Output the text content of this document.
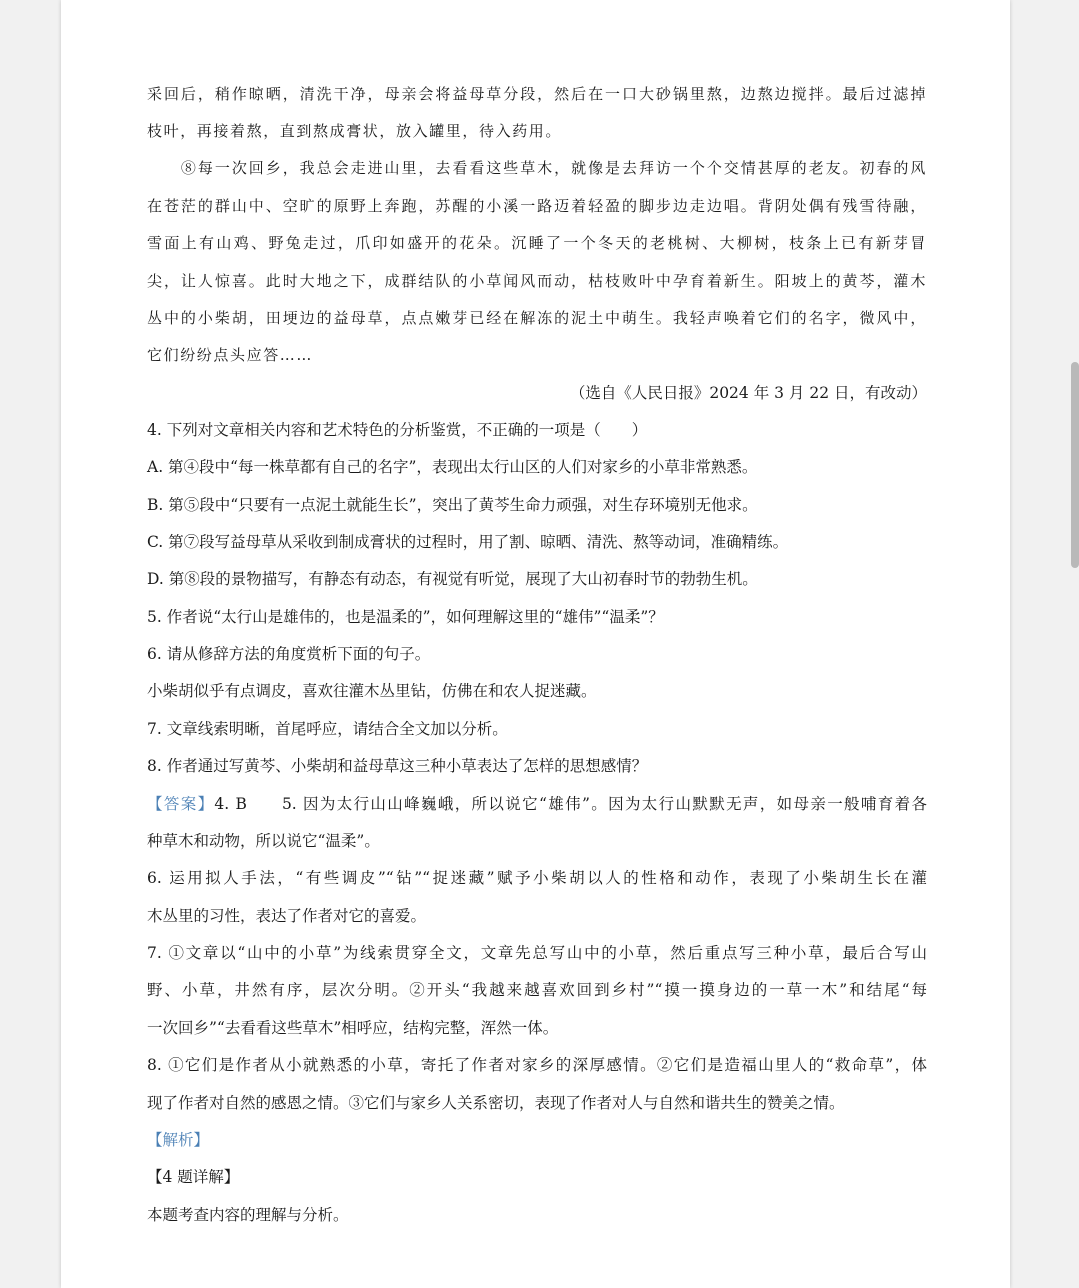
采回后，稍作晾晒，清洗干净，母亲会将益母草分段，然后在一口大砂锅里熬，边熬边搅拌。最后过滤掉
枝叶，再接着熬，直到熬成膏状，放入罐里，待入药用。
　　⑧每一次回乡，我总会走进山里，去看看这些草木，就像是去拜访一个个交情甚厚的老友。初春的风
在苍茫的群山中、空旷的原野上奔跑，苏醒的小溪一路迈着轻盈的脚步边走边唱。背阴处偶有残雪待融，
雪面上有山鸡、野兔走过，爪印如盛开的花朵。沉睡了一个冬天的老桃树、大柳树，枝条上已有新芽冒
尖，让人惊喜。此时大地之下，成群结队的小草闻风而动，枯枝败叶中孕育着新生。阳坡上的黄芩，灌木
丛中的小柴胡，田埂边的益母草，点点嫩芽已经在解冻的泥土中萌生。我轻声唤着它们的名字，微风中，
它们纷纷点头应答……
（选自《人民日报》2024 年 3 月 22 日，有改动）
4. 下列对文章相关内容和艺术特色的分析鉴赏，不正确的一项是（　　）
A. 第④段中“每一株草都有自己的名字”，表现出太行山区的人们对家乡的小草非常熟悉。
B. 第⑤段中“只要有一点泥土就能生长”，突出了黄芩生命力顽强，对生存环境别无他求。
C. 第⑦段写益母草从采收到制成膏状的过程时，用了割、晾晒、清洗、熬等动词，准确精练。
D. 第⑧段的景物描写，有静态有动态，有视觉有听觉，展现了大山初春时节的勃勃生机。
5. 作者说“太行山是雄伟的，也是温柔的”，如何理解这里的“雄伟”“温柔”？
6. 请从修辞方法的角度赏析下面的句子。
小柴胡似乎有点调皮，喜欢往灌木丛里钻，仿佛在和农人捉迷藏。
7. 文章线索明晰，首尾呼应，请结合全文加以分析。
8. 作者通过写黄芩、小柴胡和益母草这三种小草表达了怎样的思想感情？
【答案】4. B　　5. 因为太行山山峰巍峨，所以说它“雄伟”。因为太行山默默无声，如母亲一般哺育着各
种草木和动物，所以说它“温柔”。
6. 运用拟人手法，“有些调皮”“钻”“捉迷藏”赋予小柴胡以人的性格和动作，表现了小柴胡生长在灌
木丛里的习性，表达了作者对它的喜爱。
7. ①文章以“山中的小草”为线索贯穿全文，文章先总写山中的小草，然后重点写三种小草，最后合写山
野、小草，井然有序，层次分明。②开头“我越来越喜欢回到乡村”“摸一摸身边的一草一木”和结尾“每
一次回乡”“去看看这些草木”相呼应，结构完整，浑然一体。
8. ①它们是作者从小就熟悉的小草，寄托了作者对家乡的深厚感情。②它们是造福山里人的“救命草”，体
现了作者对自然的感恩之情。③它们与家乡人关系密切，表现了作者对人与自然和谐共生的赞美之情。
【解析】
【4 题详解】
本题考查内容的理解与分析。
